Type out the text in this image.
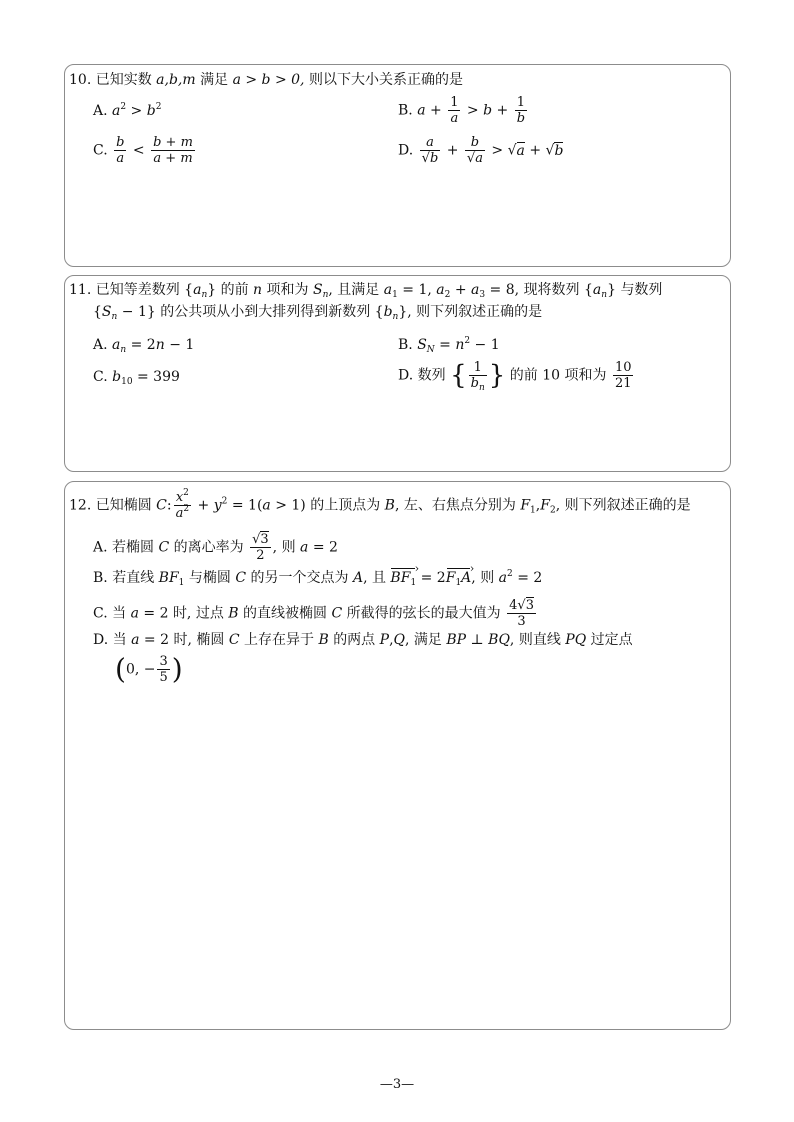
10. 已知实数 a,b,m 满足 a > b > 0, 则以下大小关系正确的是
A. $a^2 > b^2$	B. $a + \frac{1}{a} > b + \frac{1}{b}$
C. $\frac{b}{a} < \frac{b + m}{a + m}$	D. $\frac{a}{√b} + \frac{b}{√a} > √a + √b$
11. 已知等差数列 $\{a_n\}$ 的前 n 项和为 $S_n$, 且满足 $a_1 = 1$, $a_2 + a_3 = 8$, 现将数列 $\{a_n\}$ 与数列
$\{S_n - 1\}$ 的公共项从小到大排列得到新数列 $\{b_n\}$, 则下列叙述正确的是
A. $a_n = 2n - 1$	B. $S_N = n^2 - 1$
C. $b_{10} = 399$	D. 数列 { $\frac{1}{b_n}$ } 的前 10 项和为 $\frac{10}{21}$
12. 已知椭圆 C: $\frac{x^2}{a^2} + y^2 = 1(a > 1)$ 的上顶点为 B, 左、右焦点分别为 $F_1,F_2$, 则下列叙述正确的是
A. 若椭圆 C 的离心率为 $\frac{√3}{2}$ , 则 a = 2
B. 若直线 $BF_1$ 与椭圆 C 的另一个交点为 A, 且 $BF_1$ › = $2F_1A$ ›, 则 $a^2 = 2$
C. 当 a = 2 时, 过点 B 的直线被椭圆 C 所截得的弦长的最大值为 $\frac{4√3}{3}$
D. 当 a = 2 时, 椭圆 C 上存在异于 B 的两点 P,Q, 满足 BP ⊥ BQ, 则直线 PQ 过定点
(0, − $\frac{3}{5}$ )
—3—
